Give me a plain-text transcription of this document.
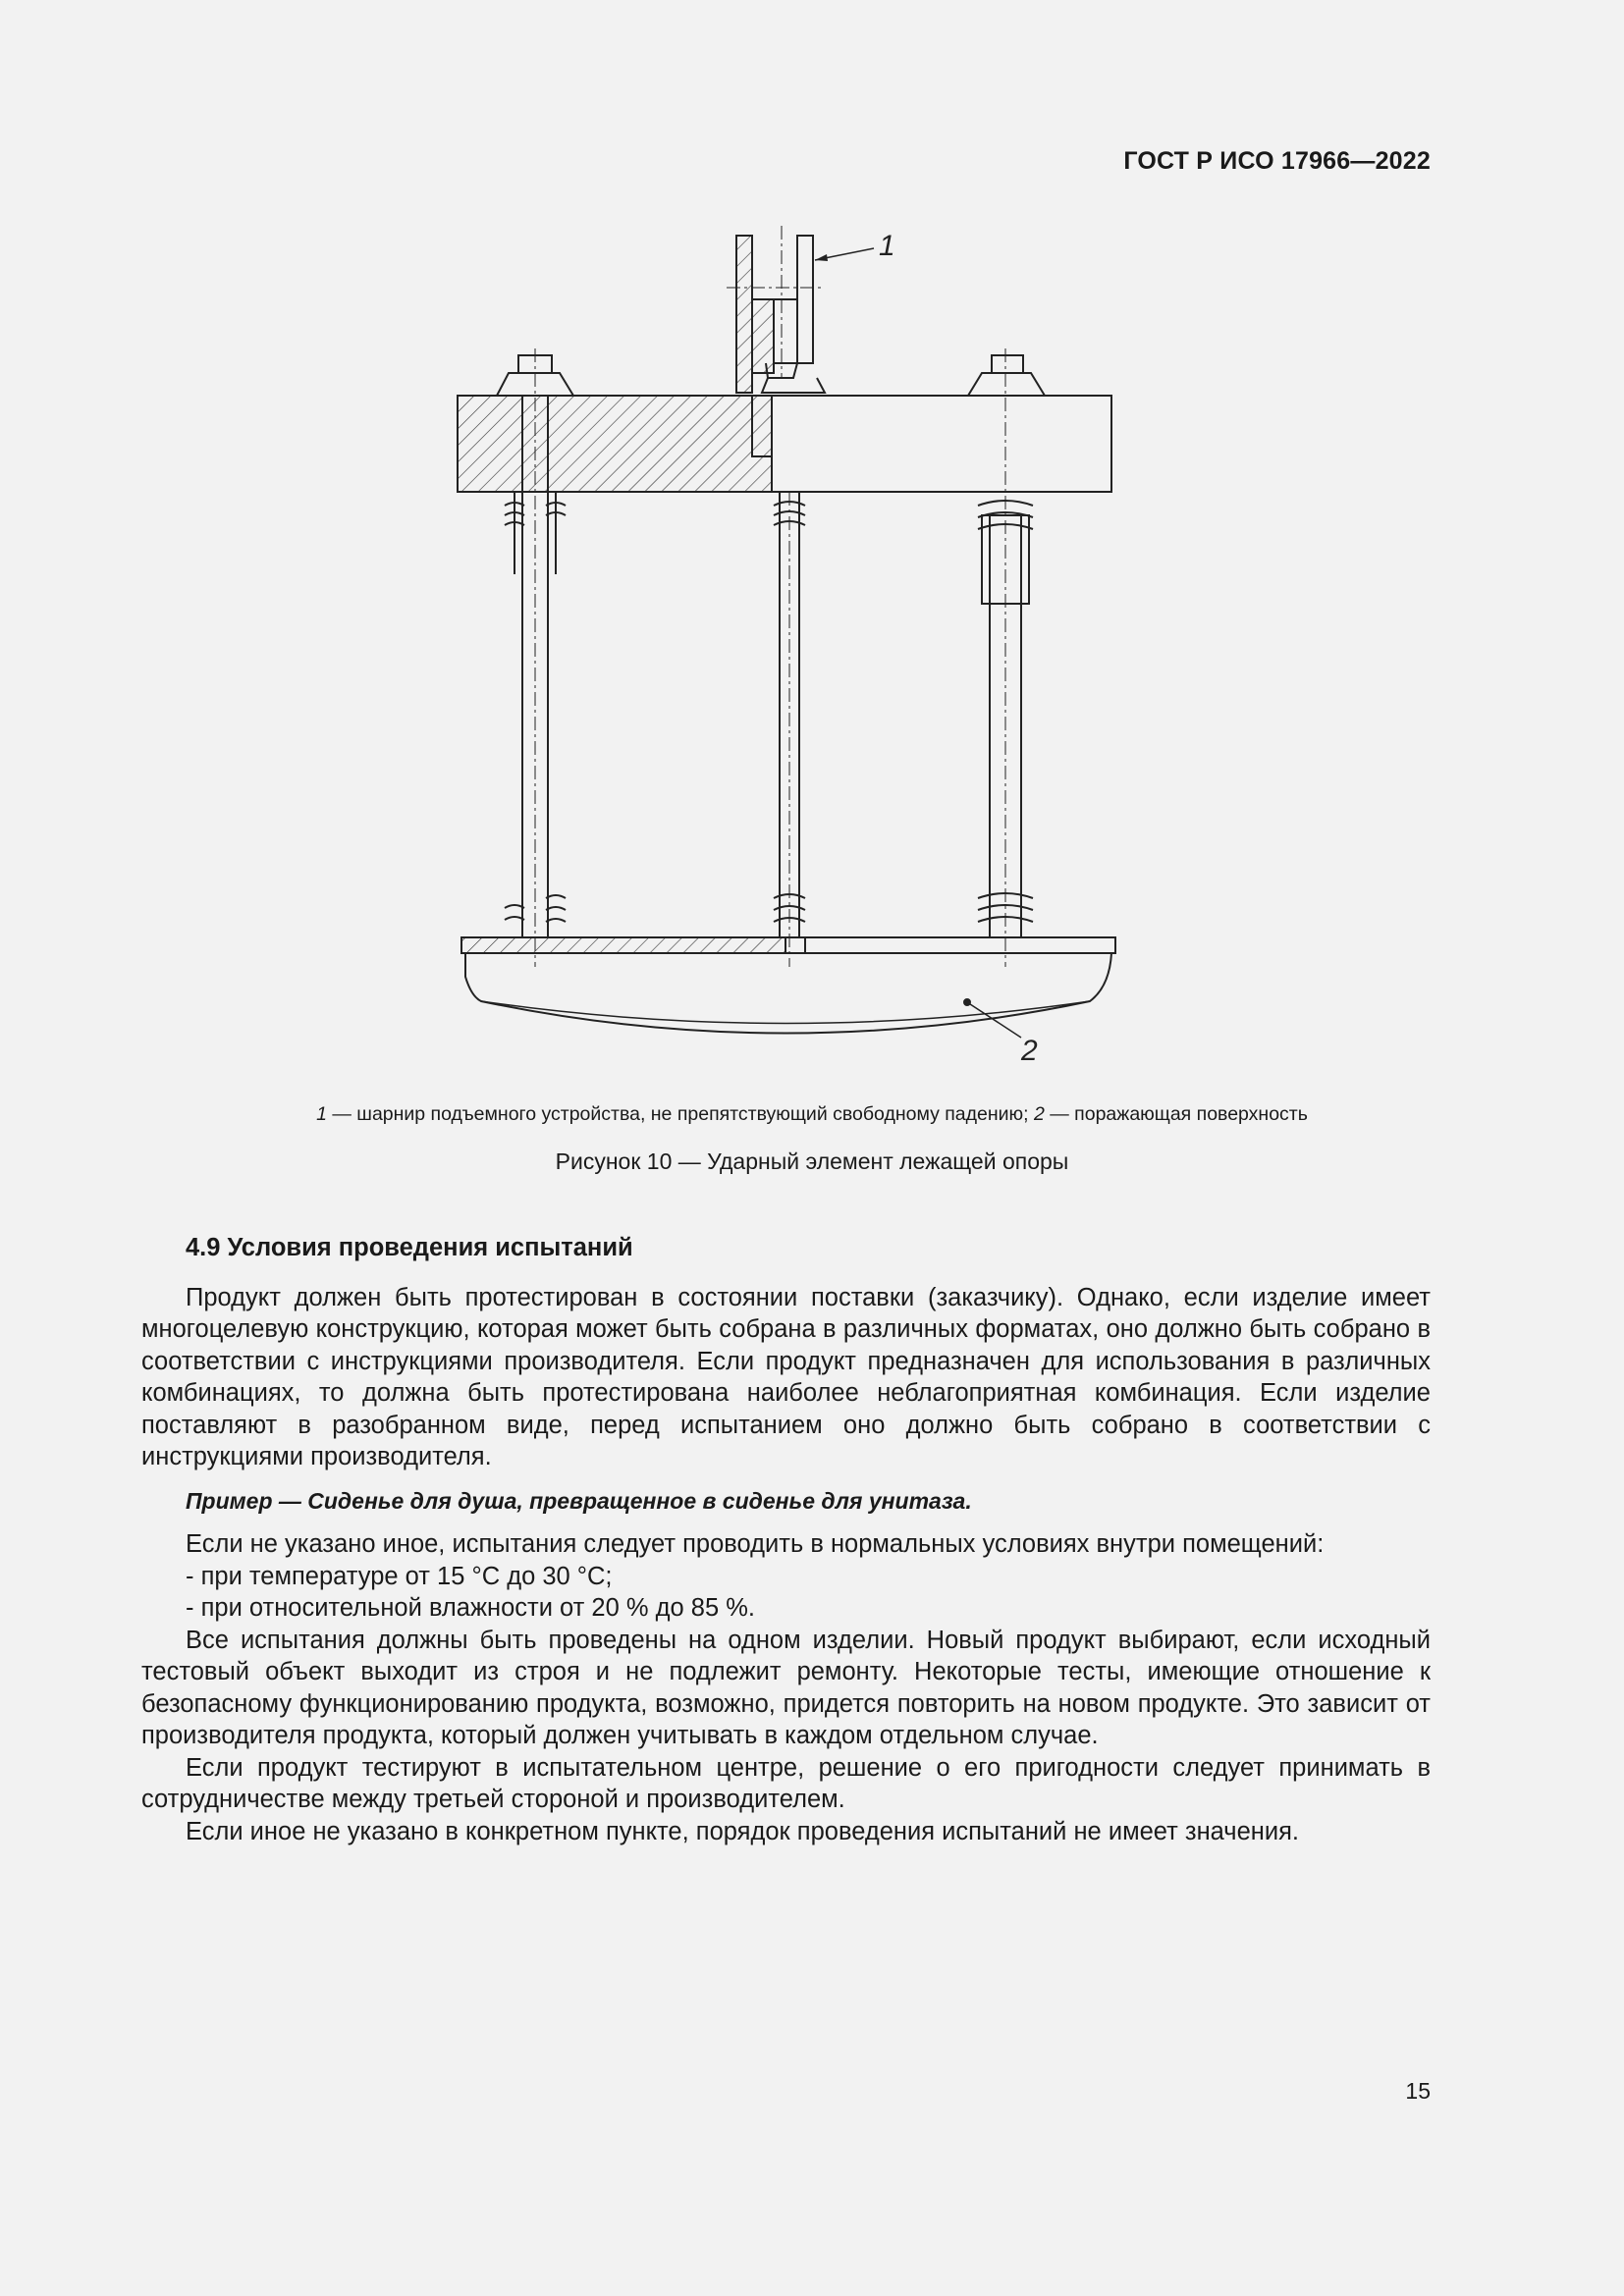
ГОСТ Р ИСО 17966—2022
1
2
1 — шарнир подъемного устройства, не препятствующий свободному падению; 2 — поражающая поверхность
Рисунок 10 — Ударный элемент лежащей опоры
4.9 Условия проведения испытаний

Продукт должен быть протестирован в состоянии поставки (заказчику). Однако, если изделие имеет многоцелевую конструкцию, которая может быть собрана в различных форматах, оно должно быть собрано в соответствии с инструкциями производителя. Если продукт предназначен для использования в различных комбинациях, то должна быть протестирована наиболее неблагоприятная комбинация. Если изделие поставляют в разобранном виде, перед испытанием оно должно быть собрано в соответствии с инструкциями производителя.

Пример — Сиденье для душа, превращенное в сиденье для унитаза.

Если не указано иное, испытания следует проводить в нормальных условиях внутри помещений:

- при температуре от 15 °С до 30 °С;
- при относительной влажности от 20 % до 85 %.

Все испытания должны быть проведены на одном изделии. Новый продукт выбирают, если исходный тестовый объект выходит из строя и не подлежит ремонту. Некоторые тесты, имеющие отношение к безопасному функционированию продукта, возможно, придется повторить на новом продукте. Это зависит от производителя продукта, который должен учитывать в каждом отдельном случае.

Если продукт тестируют в испытательном центре, решение о его пригодности следует принимать в сотрудничестве между третьей стороной и производителем.

Если иное не указано в конкретном пункте, порядок проведения испытаний не имеет значения.

15
